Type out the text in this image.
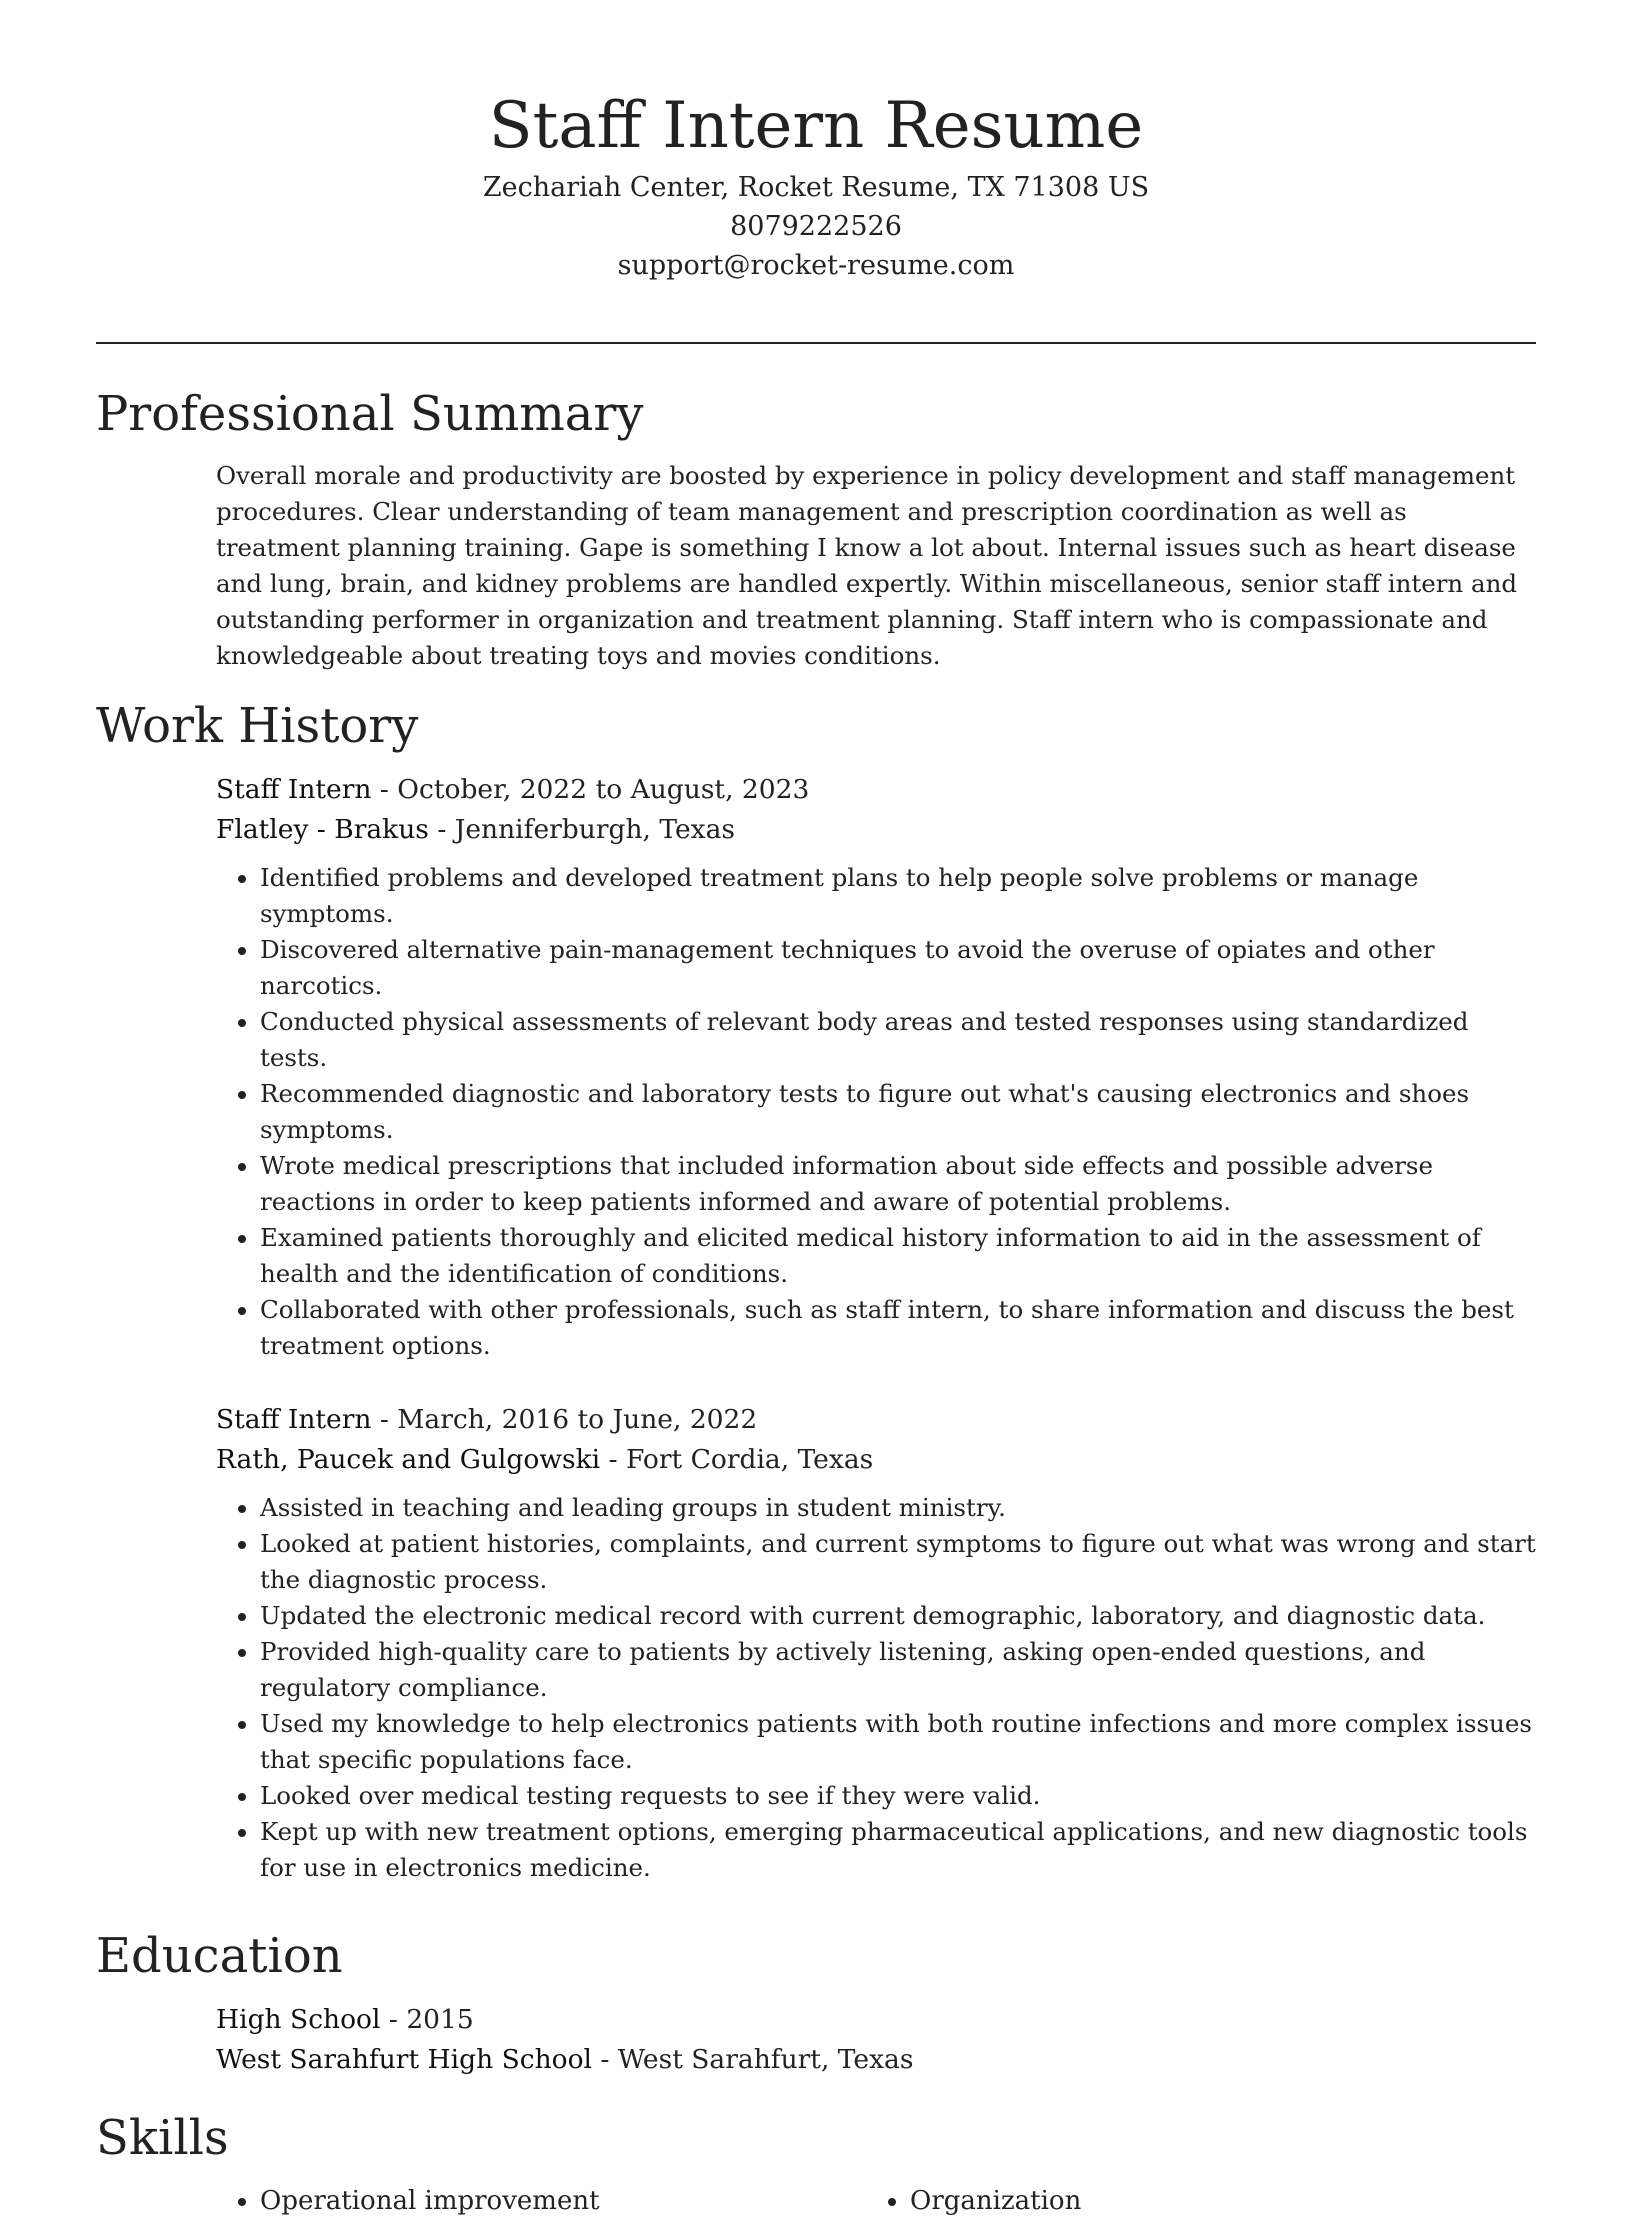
Staff Intern Resume
Zechariah Center, Rocket Resume, TX 71308 US
8079222526
support@rocket-resume.com
Professional Summary

Overall morale and productivity are boosted by experience in policy development and staff management procedures. Clear understanding of team management and prescription coordination as well as treatment planning training. Gape is something I know a lot about. Internal issues such as heart disease and lung, brain, and kidney problems are handled expertly. Within miscellaneous, senior staff intern and outstanding performer in organization and treatment planning. Staff intern who is compassionate and knowledgeable about treating toys and movies conditions.

Work History
Staff Intern - October, 2022 to August, 2023
Flatley - Brakus - Jenniferburgh, Texas
• Identified problems and developed treatment plans to help people solve problems or manage symptoms.
• Discovered alternative pain-management techniques to avoid the overuse of opiates and other narcotics.
• Conducted physical assessments of relevant body areas and tested responses using standardized tests.
• Recommended diagnostic and laboratory tests to figure out what's causing electronics and shoes symptoms.
• Wrote medical prescriptions that included information about side effects and possible adverse reactions in order to keep patients informed and aware of potential problems.
• Examined patients thoroughly and elicited medical history information to aid in the assessment of health and the identification of conditions.
• Collaborated with other professionals, such as staff intern, to share information and discuss the best treatment options.
Staff Intern - March, 2016 to June, 2022
Rath, Paucek and Gulgowski - Fort Cordia, Texas
• Assisted in teaching and leading groups in student ministry.
• Looked at patient histories, complaints, and current symptoms to figure out what was wrong and start the diagnostic process.
• Updated the electronic medical record with current demographic, laboratory, and diagnostic data.
• Provided high-quality care to patients by actively listening, asking open-ended questions, and regulatory compliance.
• Used my knowledge to help electronics patients with both routine infections and more complex issues that specific populations face.
• Looked over medical testing requests to see if they were valid.
• Kept up with new treatment options, emerging pharmaceutical applications, and new diagnostic tools for use in electronics medicine.
Education
High School - 2015
West Sarahfurt High School - West Sarahfurt, Texas
Skills
• Operational improvement
•	Organization
